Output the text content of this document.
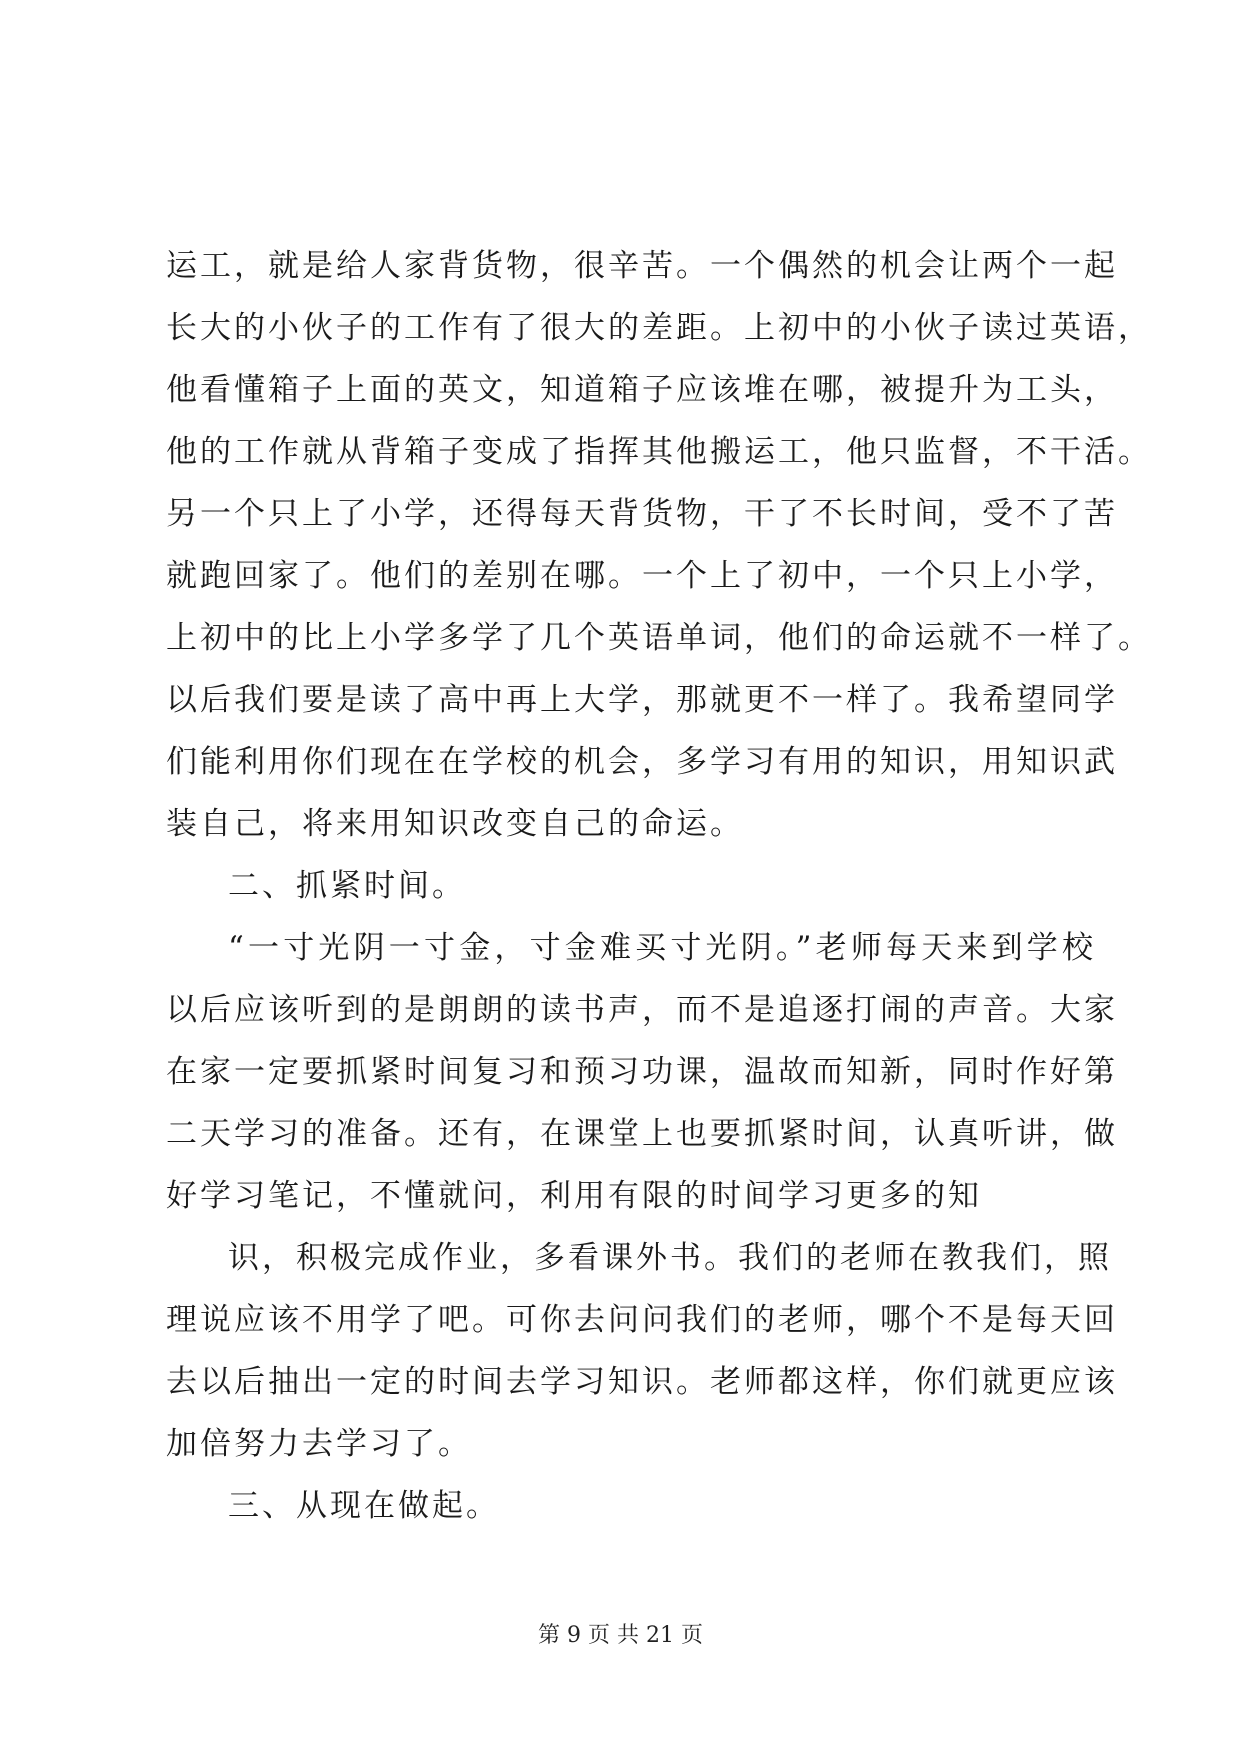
运工，就是给人家背货物，很辛苦。一个偶然的机会让两个一起
长大的小伙子的工作有了很大的差距。上初中的小伙子读过英语，
他看懂箱子上面的英文，知道箱子应该堆在哪，被提升为工头，
他的工作就从背箱子变成了指挥其他搬运工，他只监督，不干活。
另一个只上了小学，还得每天背货物，干了不长时间，受不了苦
就跑回家了。他们的差别在哪。一个上了初中，一个只上小学，
上初中的比上小学多学了几个英语单词，他们的命运就不一样了。
以后我们要是读了高中再上大学，那就更不一样了。我希望同学
们能利用你们现在在学校的机会，多学习有用的知识，用知识武
装自己，将来用知识改变自己的命运。
二、抓紧时间。
“一寸光阴一寸金，寸金难买寸光阴。”老师每天来到学校
以后应该听到的是朗朗的读书声，而不是追逐打闹的声音。大家
在家一定要抓紧时间复习和预习功课，温故而知新，同时作好第
二天学习的准备。还有，在课堂上也要抓紧时间，认真听讲，做
好学习笔记，不懂就问，利用有限的时间学习更多的知
识，积极完成作业，多看课外书。我们的老师在教我们，照
理说应该不用学了吧。可你去问问我们的老师，哪个不是每天回
去以后抽出一定的时间去学习知识。老师都这样，你们就更应该
加倍努力去学习了。
三、从现在做起。
第 9 页 共 21 页
